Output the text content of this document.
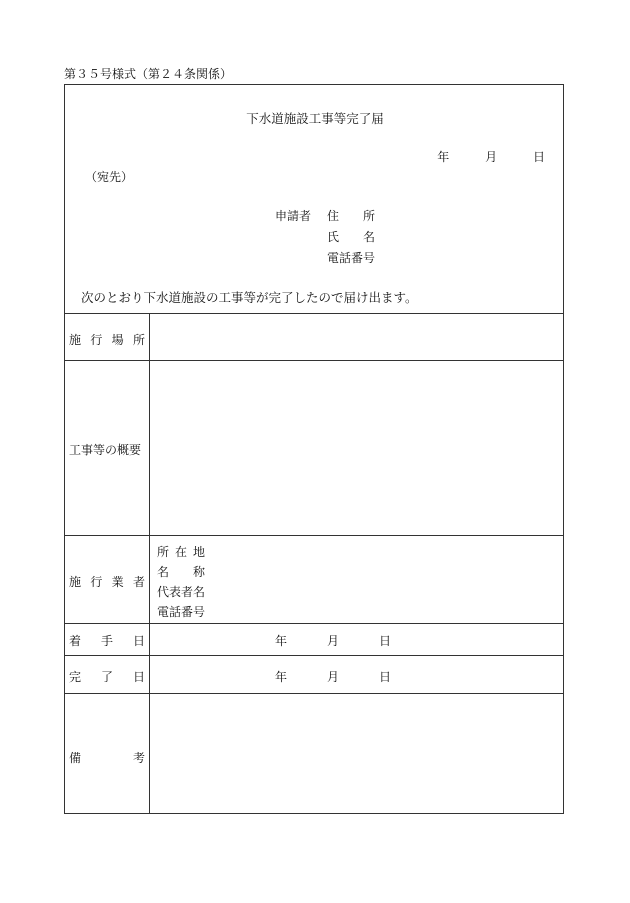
第３５号様式（第２４条関係）
下水道施設工事等完了届
年	月	日
（宛先）
申請者 住 所
氏 名
電話番号
次のとおり下水道施設の工事等が完了したので届け出ます。
施 行 場 所
工事等の概要
施 行 業 者
所 在 地
名 称
代表者名
電話番号
着 手 日	年	月	日
完 了 日	年	月	日
備	考
